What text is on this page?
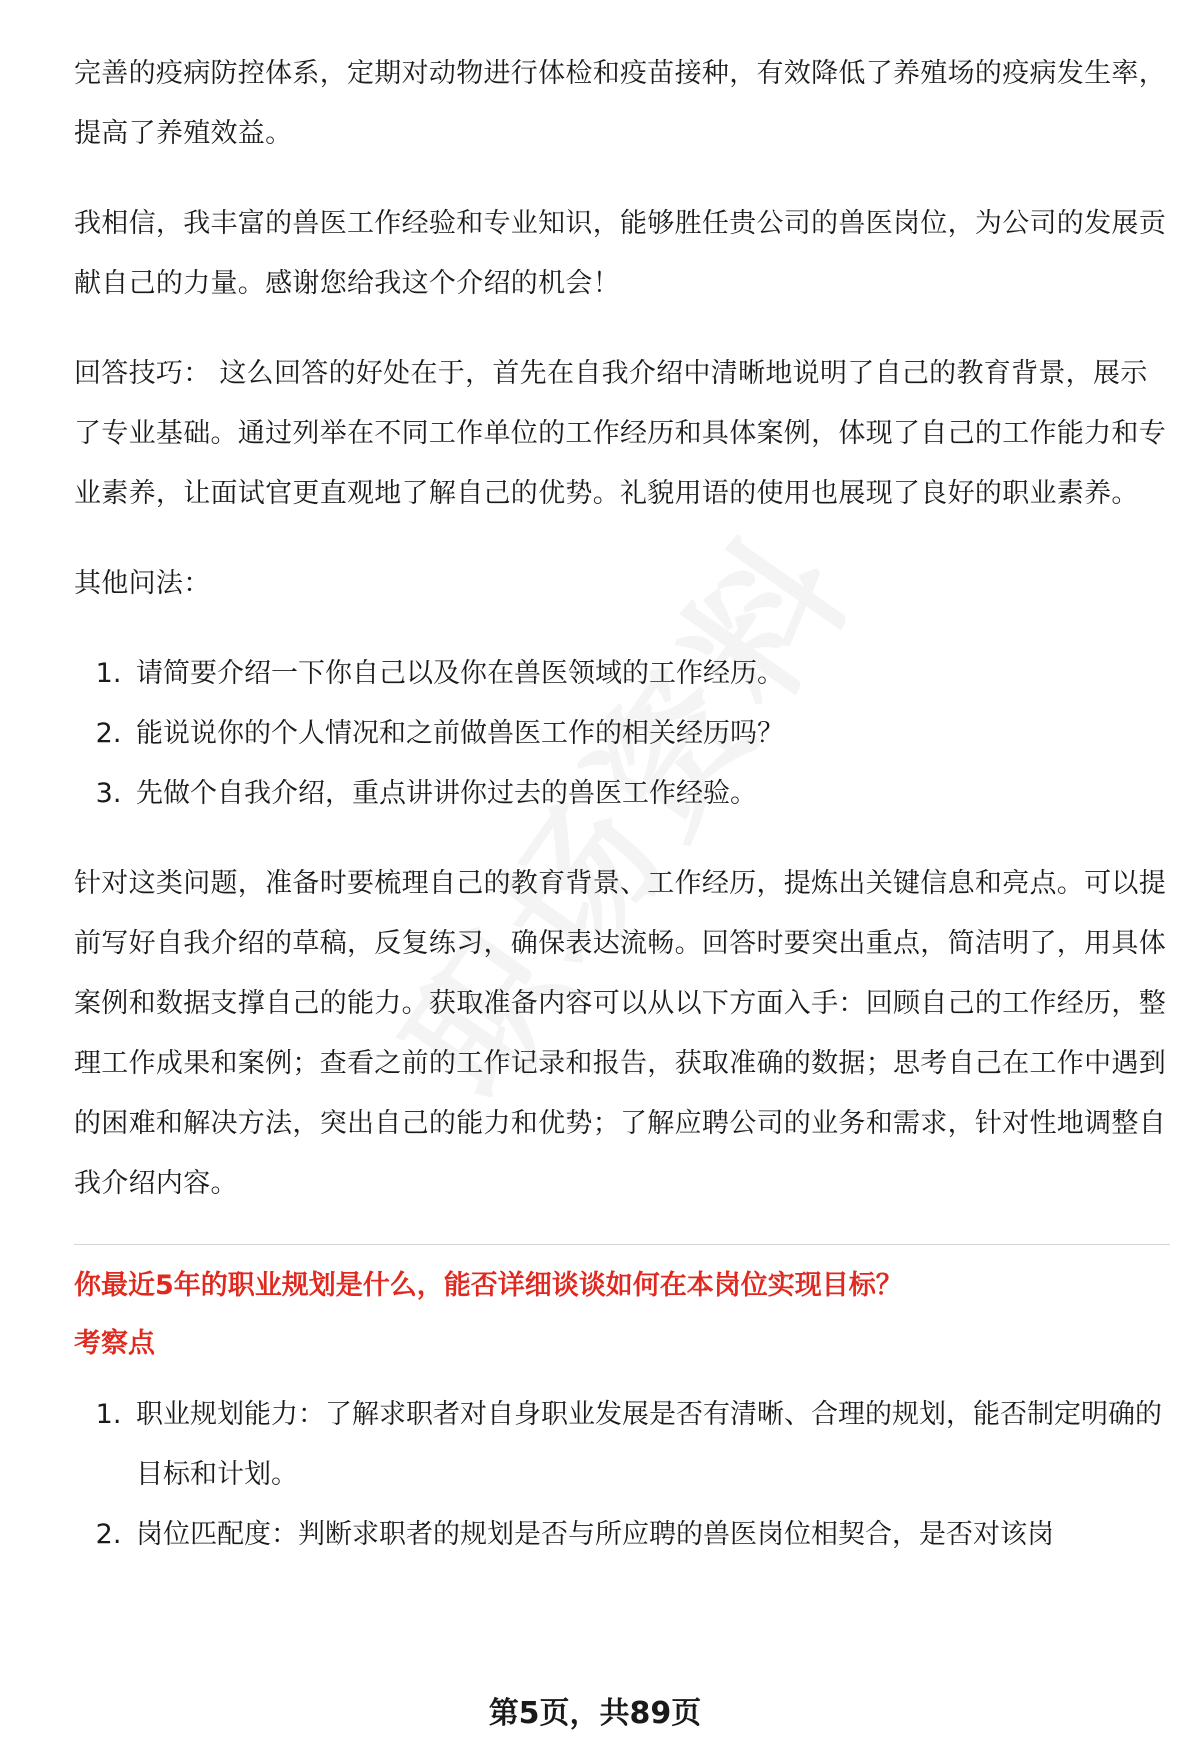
完善的疫病防控体系，定期对动物进行体检和疫苗接种，有效降低了养殖场的疫病发生率，提高了养殖效益。

我相信，我丰富的兽医工作经验和专业知识，能够胜任贵公司的兽医岗位，为公司的发展贡献自己的力量。感谢您给我这个介绍的机会！

回答技巧： 这么回答的好处在于，首先在自我介绍中清晰地说明了自己的教育背景，展示了专业基础。通过列举在不同工作单位的工作经历和具体案例，体现了自己的工作能力和专业素养，让面试官更直观地了解自己的优势。礼貌用语的使用也展现了良好的职业素养。

其他问法：

1. 请简要介绍一下你自己以及你在兽医领域的工作经历。
2. 能说说你的个人情况和之前做兽医工作的相关经历吗？
3. 先做个自我介绍，重点讲讲你过去的兽医工作经验。

针对这类问题，准备时要梳理自己的教育背景、工作经历，提炼出关键信息和亮点。可以提前写好自我介绍的草稿，反复练习，确保表达流畅。回答时要突出重点，简洁明了，用具体案例和数据支撑自己的能力。获取准备内容可以从以下方面入手：回顾自己的工作经历，整理工作成果和案例；查看之前的工作记录和报告，获取准确的数据；思考自己在工作中遇到的困难和解决方法，突出自己的能力和优势；了解应聘公司的业务和需求，针对性地调整自我介绍内容。

你最近5年的职业规划是什么，能否详细谈谈如何在本岗位实现目标？

考察点

1. 职业规划能力：了解求职者对自身职业发展是否有清晰、合理的规划，能否制定明确的目标和计划。
2. 岗位匹配度：判断求职者的规划是否与所应聘的兽医岗位相契合，是否对该岗
第5页，共89页
